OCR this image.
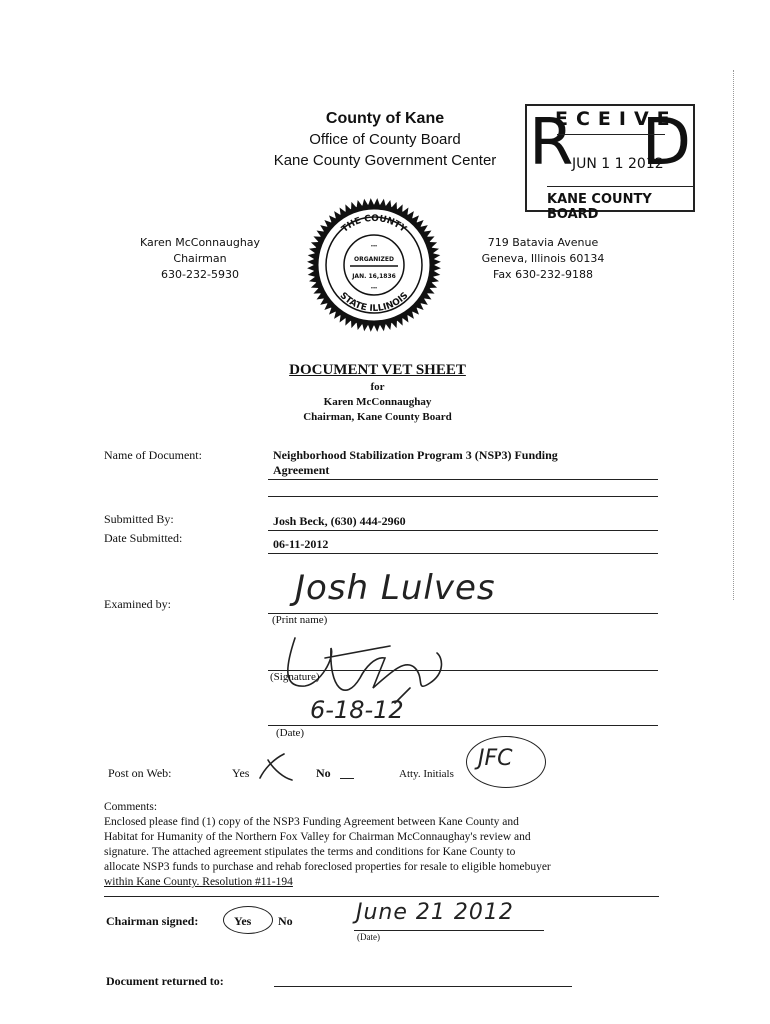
County of Kane
Office of County Board
Kane County Government Center R
ECEIVE
D
JUN 1 1 2012
KANE COUNTY BOARD
THE COUNTY
STATE ILLINOIS
ORGANIZED
JAN. 16,1836
•••
•••
Karen McConnaughay
Chairman
630-232-5930
719 Batavia Avenue
Geneva, Illinois 60134
Fax 630-232-9188
DOCUMENT VET SHEET
for
Karen McConnaughay
Chairman, Kane County Board
Name of Document:	Neighborhood Stabilization Program 3 (NSP3) Funding
Agreement
Submitted By:	Josh Beck, (630) 444-2960
Date Submitted:	06-11-2012
Examined by:	Josh Lulves
(Print name)
(Signature)
6-18-12
(Date)
Post on Web:	Yes	No	Atty. Initials
JFC

Comments:

Enclosed please find (1) copy of the NSP3 Funding Agreement between Kane County and

Habitat for Humanity of the Northern Fox Valley for Chairman McConnaughay's review and

signature. The attached agreement stipulates the terms and conditions for Kane County to

allocate NSP3 funds to purchase and rehab foreclosed properties for resale to eligible homebuyer

within Kane County. Resolution #11-194

Chairman signed:	Yes No	June 21 2012
(Date)
Document returned to:
